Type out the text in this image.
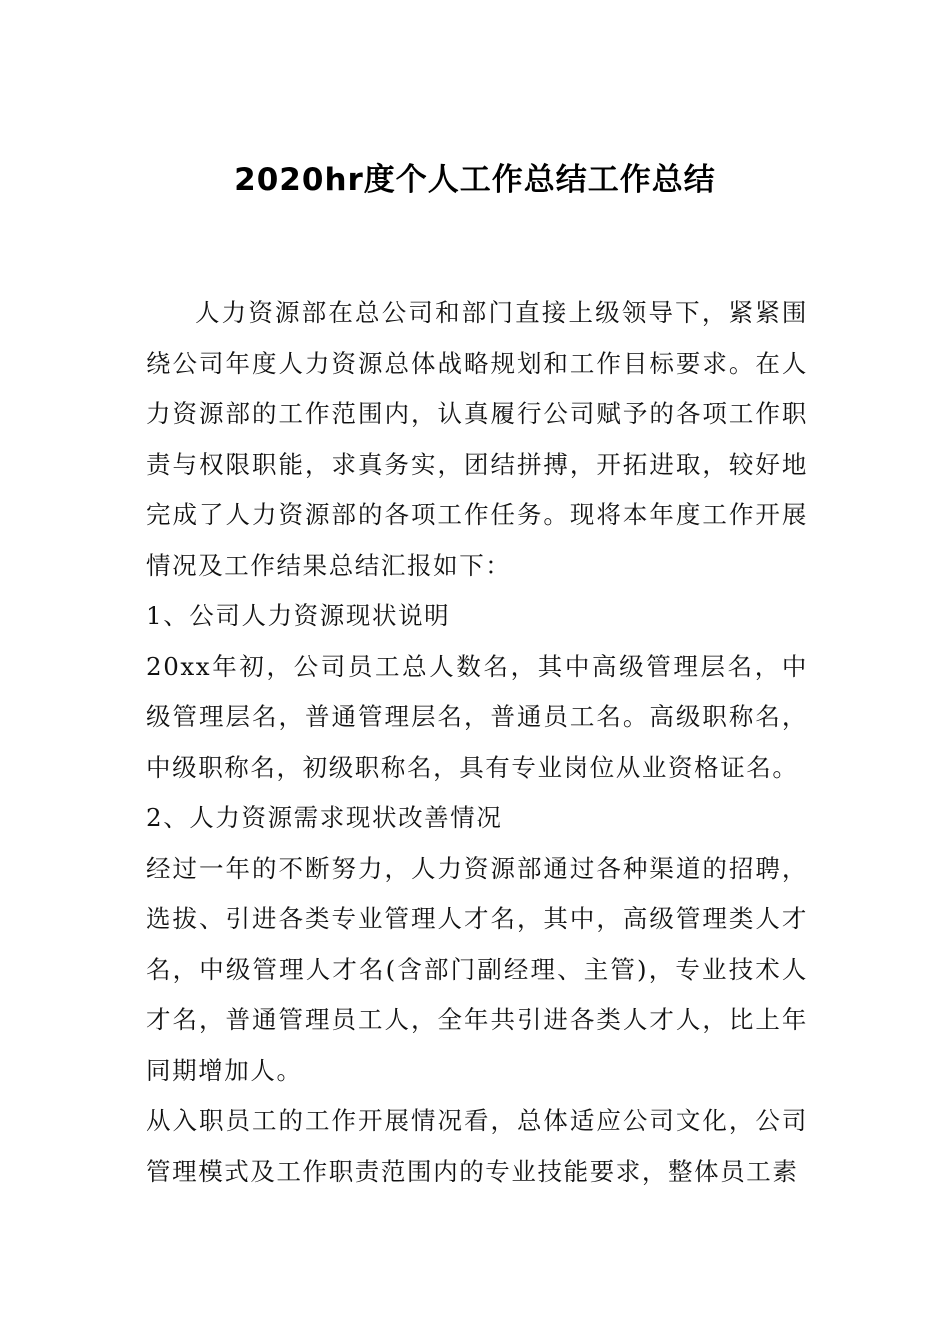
2020hr度个人工作总结工作总结

人力资源部在总公司和部门直接上级领导下，紧紧围绕公司年度人力资源总体战略规划和工作目标要求。在人力资源部的工作范围内，认真履行公司赋予的各项工作职责与权限职能，求真务实，团结拼搏，开拓进取，较好地完成了人力资源部的各项工作任务。现将本年度工作开展情况及工作结果总结汇报如下：

1、公司人力资源现状说明

20xx年初，公司员工总人数名，其中高级管理层名，中级管理层名，普通管理层名，普通员工名。高级职称名，中级职称名，初级职称名，具有专业岗位从业资格证名。

2、人力资源需求现状改善情况

经过一年的不断努力，人力资源部通过各种渠道的招聘，选拔、引进各类专业管理人才名，其中，高级管理类人才名，中级管理人才名(含部门副经理、主管)，专业技术人才名，普通管理员工人，全年共引进各类人才人，比上年同期增加人。

从入职员工的工作开展情况看，总体适应公司文化，公司管理模式及工作职责范围内的专业技能要求，整体员工素
